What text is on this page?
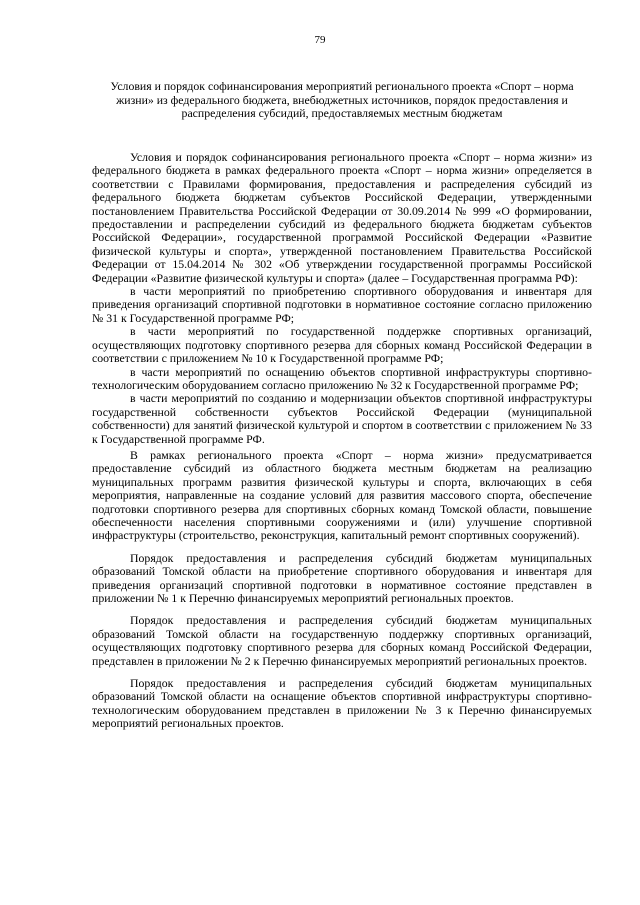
79
Условия и порядок софинансирования мероприятий регионального проекта «Спорт – норма жизни» из федерального бюджета, внебюджетных источников, порядок предоставления и распределения субсидий, предоставляемых местным бюджетам

Условия и порядок софинансирования регионального проекта «Спорт – норма жизни» из федерального бюджета в рамках федерального проекта «Спорт – норма жизни» определяется в соответствии с Правилами формирования, предоставления и распределения субсидий из федерального бюджета бюджетам субъектов Российской Федерации, утвержденными постановлением Правительства Российской Федерации от 30.09.2014 № 999 «О формировании, предоставлении и распределении субсидий из федерального бюджета бюджетам субъектов Российской Федерации», государственной программой Российской Федерации «Развитие физической культуры и спорта», утвержденной постановлением Правительства Российской Федерации от 15.04.2014 № 302 «Об утверждении государственной программы Российской Федерации «Развитие физической культуры и спорта» (далее – Государственная программа РФ):

в части мероприятий по приобретению спортивного оборудования и инвентаря для приведения организаций спортивной подготовки в нормативное состояние согласно приложению № 31 к Государственной программе РФ;

в части мероприятий по государственной поддержке спортивных организаций, осуществляющих подготовку спортивного резерва для сборных команд Российской Федерации в соответствии с приложением № 10 к Государственной программе РФ;

в части мероприятий по оснащению объектов спортивной инфраструктуры спортивно-технологическим оборудованием согласно приложению № 32 к Государственной программе РФ;

в части мероприятий по созданию и модернизации объектов спортивной инфраструктуры государственной собственности субъектов Российской Федерации (муниципальной собственности) для занятий физической культурой и спортом в соответствии с приложением № 33 к Государственной программе РФ.

В рамках регионального проекта «Спорт – норма жизни» предусматривается предоставление субсидий из областного бюджета местным бюджетам на реализацию муниципальных программ развития физической культуры и спорта, включающих в себя мероприятия, направленные на создание условий для развития массового спорта, обеспечение подготовки спортивного резерва для спортивных сборных команд Томской области, повышение обеспеченности населения спортивными сооружениями и (или) улучшение спортивной инфраструктуры (строительство, реконструкция, капитальный ремонт спортивных сооружений).

Порядок предоставления и распределения субсидий бюджетам муниципальных образований Томской области на приобретение спортивного оборудования и инвентаря для приведения организаций спортивной подготовки в нормативное состояние представлен в приложении № 1 к Перечню финансируемых мероприятий региональных проектов.

Порядок предоставления и распределения субсидий бюджетам муниципальных образований Томской области на государственную поддержку спортивных организаций, осуществляющих подготовку спортивного резерва для сборных команд Российской Федерации, представлен в приложении № 2 к Перечню финансируемых мероприятий региональных проектов.

Порядок предоставления и распределения субсидий бюджетам муниципальных образований Томской области на оснащение объектов спортивной инфраструктуры спортивно-технологическим оборудованием представлен в приложении № 3 к Перечню финансируемых мероприятий региональных проектов.
